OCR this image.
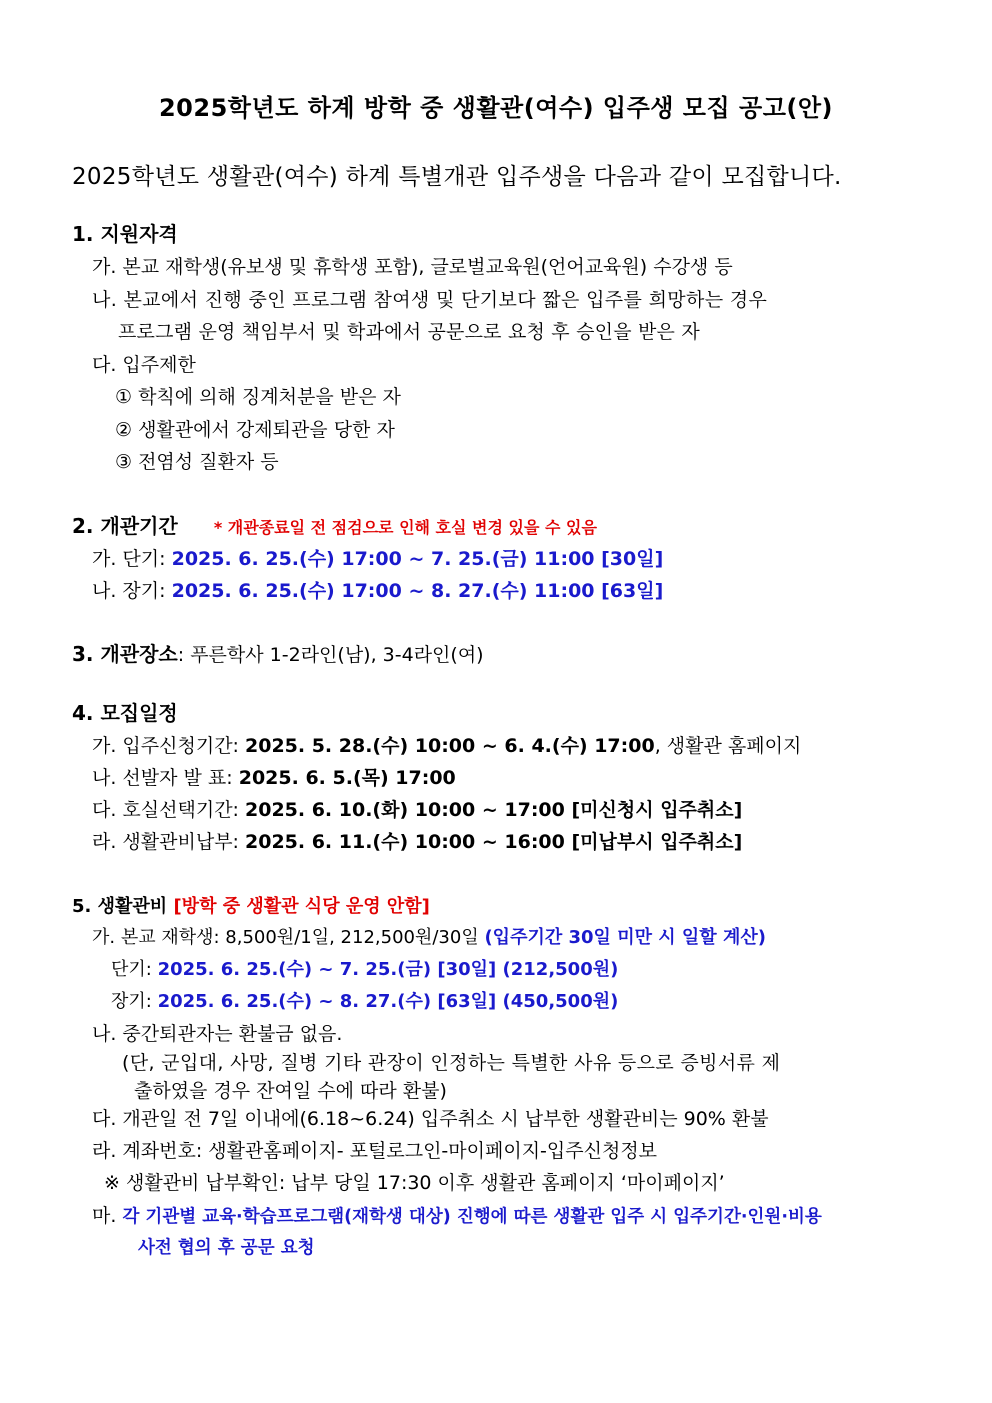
2025학년도 하계 방학 중 생활관(여수) 입주생 모집 공고(안)
2025학년도 생활관(여수) 하계 특별개관 입주생을 다음과 같이 모집합니다.
1. 지원자격
가. 본교 재학생(유보생 및 휴학생 포함), 글로벌교육원(언어교육원) 수강생 등
나. 본교에서 진행 중인 프로그램 참여생 및 단기보다 짧은 입주를 희망하는 경우
프로그램 운영 책임부서 및 학과에서 공문으로 요청 후 승인을 받은 자
다. 입주제한
① 학칙에 의해 징계처분을 받은 자
② 생활관에서 강제퇴관을 당한 자
③ 전염성 질환자 등
2. 개관기간 * 개관종료일 전 점검으로 인해 호실 변경 있을 수 있음
가. 단기: 2025. 6. 25.(수) 17:00 ~ 7. 25.(금) 11:00 [30일]
나. 장기: 2025. 6. 25.(수) 17:00 ~ 8. 27.(수) 11:00 [63일]
3. 개관장소: 푸른학사 1-2라인(남), 3-4라인(여)
4. 모집일정
가. 입주신청기간: 2025. 5. 28.(수) 10:00 ~ 6. 4.(수) 17:00, 생활관 홈페이지
나. 선발자 발 표: 2025. 6. 5.(목) 17:00
다. 호실선택기간: 2025. 6. 10.(화) 10:00 ~ 17:00 [미신청시 입주취소]
라. 생활관비납부: 2025. 6. 11.(수) 10:00 ~ 16:00 [미납부시 입주취소]
5. 생활관비 [방학 중 생활관 식당 운영 안함]
가. 본교 재학생: 8,500원/1일, 212,500원/30일 (입주기간 30일 미만 시 일할 계산)
단기: 2025. 6. 25.(수) ~ 7. 25.(금) [30일] (212,500원)
장기: 2025. 6. 25.(수) ~ 8. 27.(수) [63일] (450,500원)
나. 중간퇴관자는 환불금 없음.
(단, 군입대, 사망, 질병 기타 관장이 인정하는 특별한 사유 등으로 증빙서류 제
출하였을 경우 잔여일 수에 따라 환불)
다. 개관일 전 7일 이내에(6.18~6.24) 입주취소 시 납부한 생활관비는 90% 환불
라. 계좌번호: 생활관홈페이지- 포털로그인-마이페이지-입주신청정보
※ 생활관비 납부확인: 납부 당일 17:30 이후 생활관 홈페이지 ‘마이페이지’
마. 각 기관별 교육·학습프로그램(재학생 대상) 진행에 따른 생활관 입주 시 입주기간·인원·비용
사전 협의 후 공문 요청
